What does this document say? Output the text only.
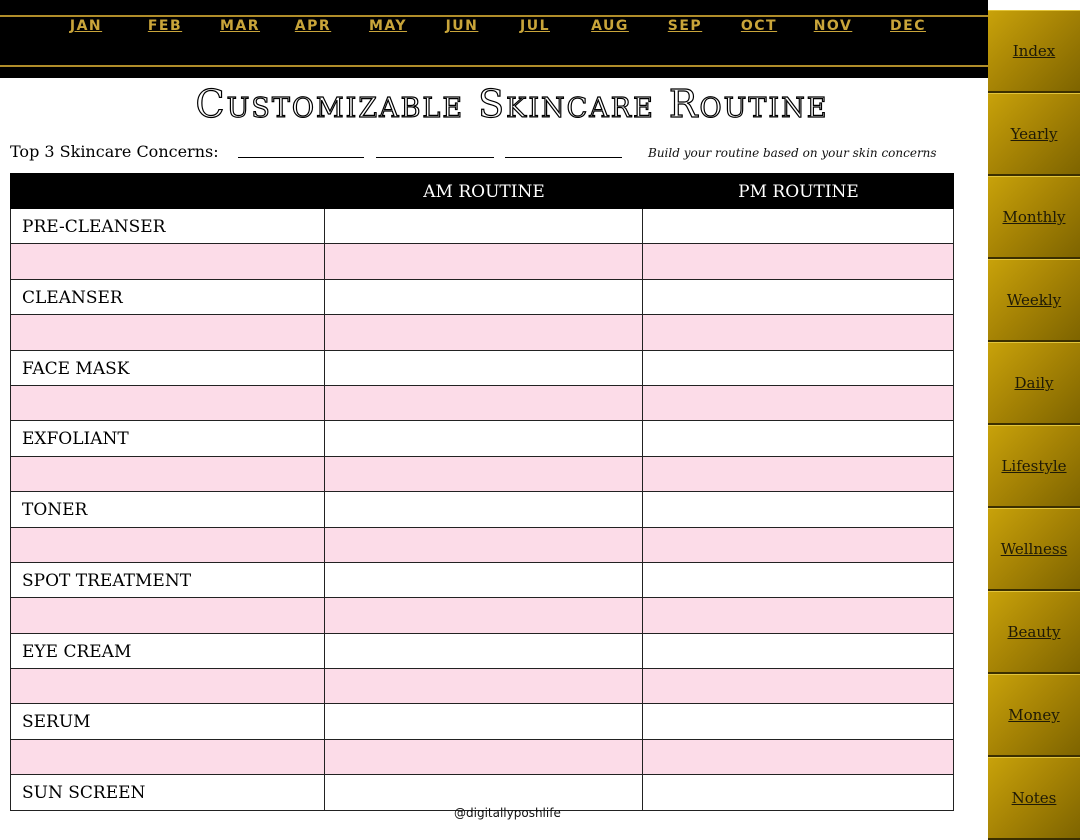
JAN	FEB	MAR APR	MAY	JUN	JUL	AUG	SEP	OCT	NOV	DEC
Index
Yearly
Monthly
Weekly
Daily
Lifestyle
Wellness
Beauty
Money
Notes
Customizable Skincare Routine
Top 3 Skincare Concerns:	Build your routine based on your skin concerns
AM ROUTINE	PM ROUTINE
PRE-CLEANSER
CLEANSER
FACE MASK
EXFOLIANT
TONER
SPOT TREATMENT
EYE CREAM
SERUM
SUN SCREEN
@digitallyposhlife
